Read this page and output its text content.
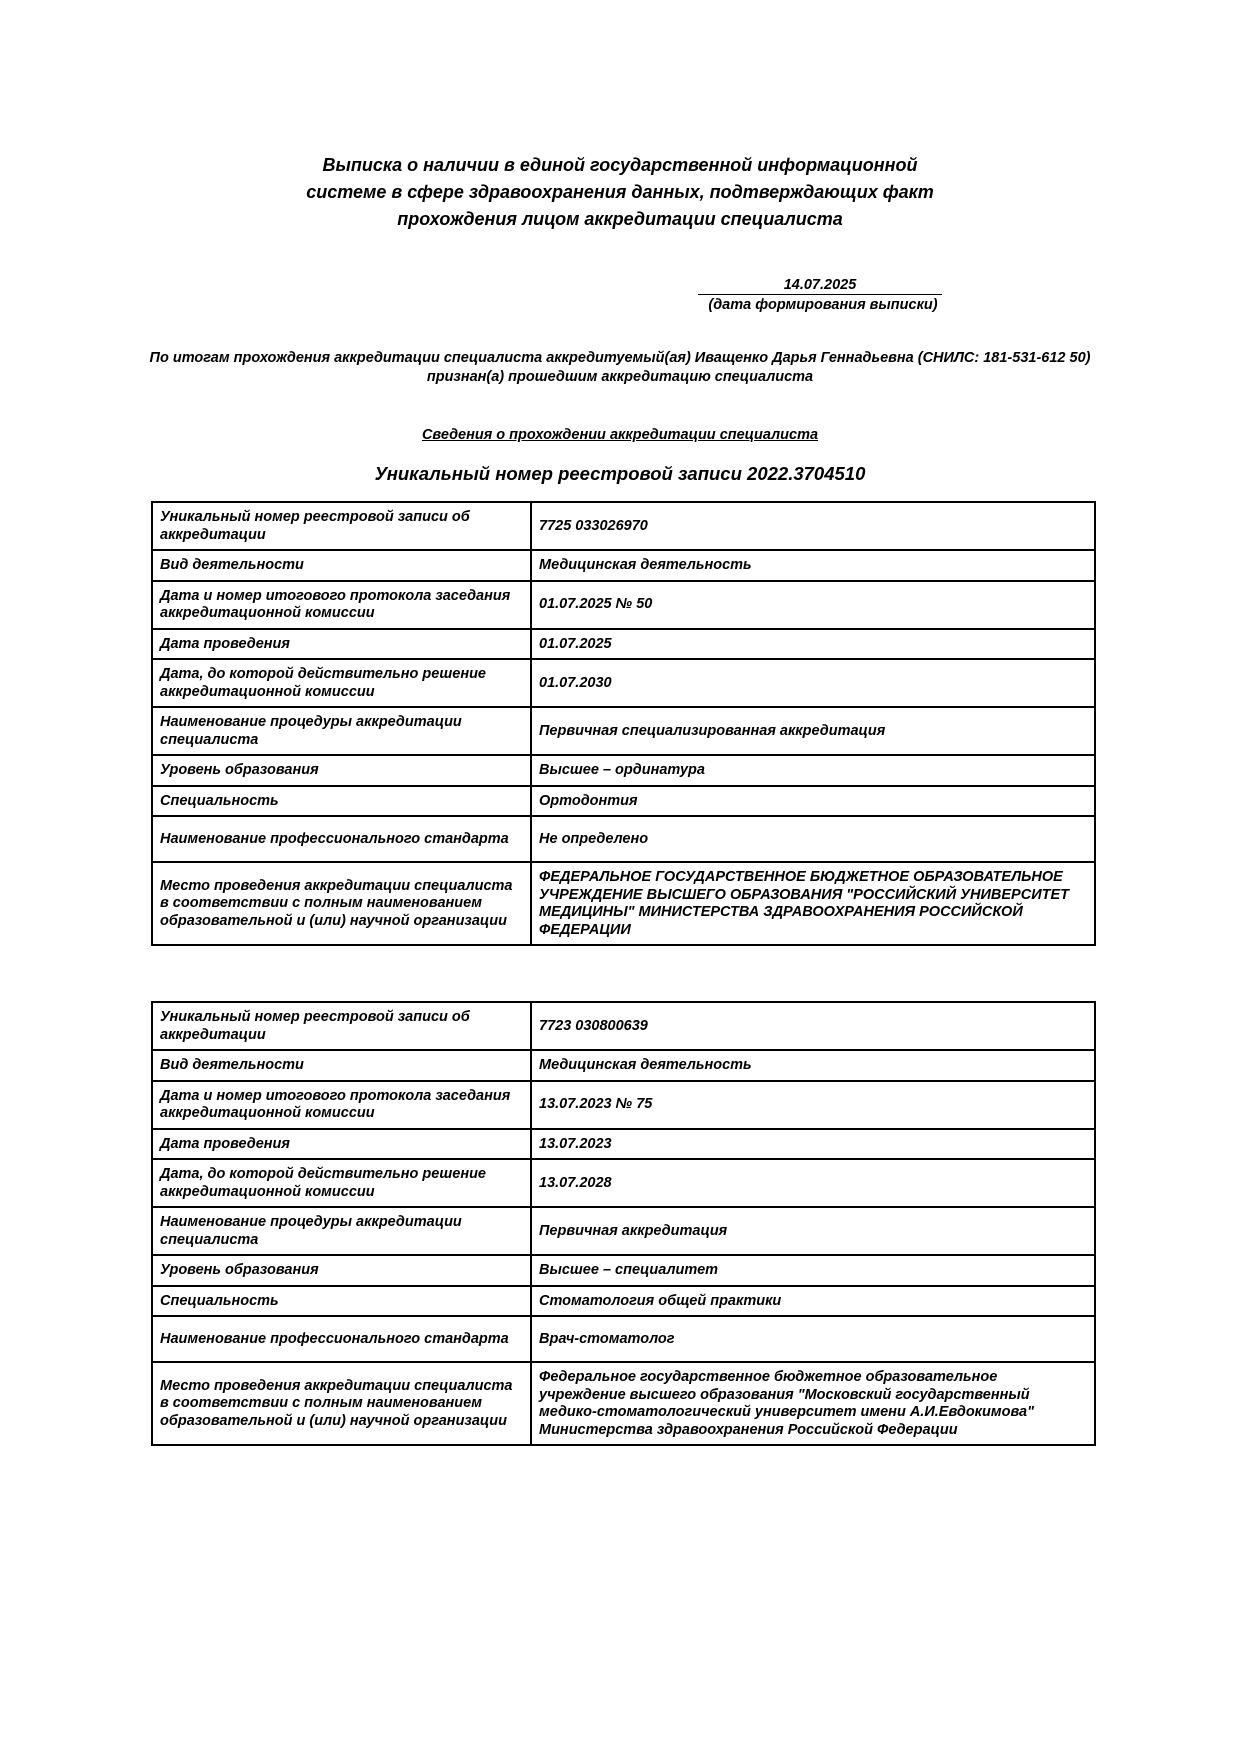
Выписка о наличии в единой государственной информационной
системе в сфере здравоохранения данных, подтверждающих факт
прохождения лицом аккредитации специалиста
14.07.2025
(дата формирования выписки)
По итогам прохождения аккредитации специалиста аккредитуемый(ая) Иващенко Дарья Геннадьевна (СНИЛС: 181-531-612 50) признан(а) прошедшим аккредитацию специалиста
Сведения о прохождении аккредитации специалиста
Уникальный номер реестровой записи 2022.3704510
Уникальный номер реестровой записи об аккредитации	7725 033026970
Вид деятельности	Медицинская деятельность
Дата и номер итогового протокола заседания аккредитационной комиссии	01.07.2025 № 50
Дата проведения	01.07.2025
Дата, до которой действительно решение аккредитационной комиссии	01.07.2030
Наименование процедуры аккредитации специалиста	Первичная специализированная аккредитация
Уровень образования	Высшее – ординатура
Специальность	Ортодонтия
Наименование профессионального стандарта	Не определено
Место проведения аккредитации специалиста в соответствии с полным наименованием образовательной и (или) научной организации	ФЕДЕРАЛЬНОЕ ГОСУДАРСТВЕННОЕ БЮДЖЕТНОЕ ОБРАЗОВАТЕЛЬНОЕ УЧРЕЖДЕНИЕ ВЫСШЕГО ОБРАЗОВАНИЯ "РОССИЙСКИЙ УНИВЕРСИТЕТ МЕДИЦИНЫ" МИНИСТЕРСТВА ЗДРАВООХРАНЕНИЯ РОССИЙСКОЙ ФЕДЕРАЦИИ
Уникальный номер реестровой записи об аккредитации	7723 030800639
Вид деятельности	Медицинская деятельность
Дата и номер итогового протокола заседания аккредитационной комиссии	13.07.2023 № 75
Дата проведения	13.07.2023
Дата, до которой действительно решение аккредитационной комиссии	13.07.2028
Наименование процедуры аккредитации специалиста	Первичная аккредитация
Уровень образования	Высшее – специалитет
Специальность	Стоматология общей практики
Наименование профессионального стандарта	Врач-стоматолог
Место проведения аккредитации специалиста в соответствии с полным наименованием образовательной и (или) научной организации	Федеральное государственное бюджетное образовательное учреждение высшего образования "Московский государственный медико-стоматологический университет имени А.И.Евдокимова" Министерства здравоохранения Российской Федерации
